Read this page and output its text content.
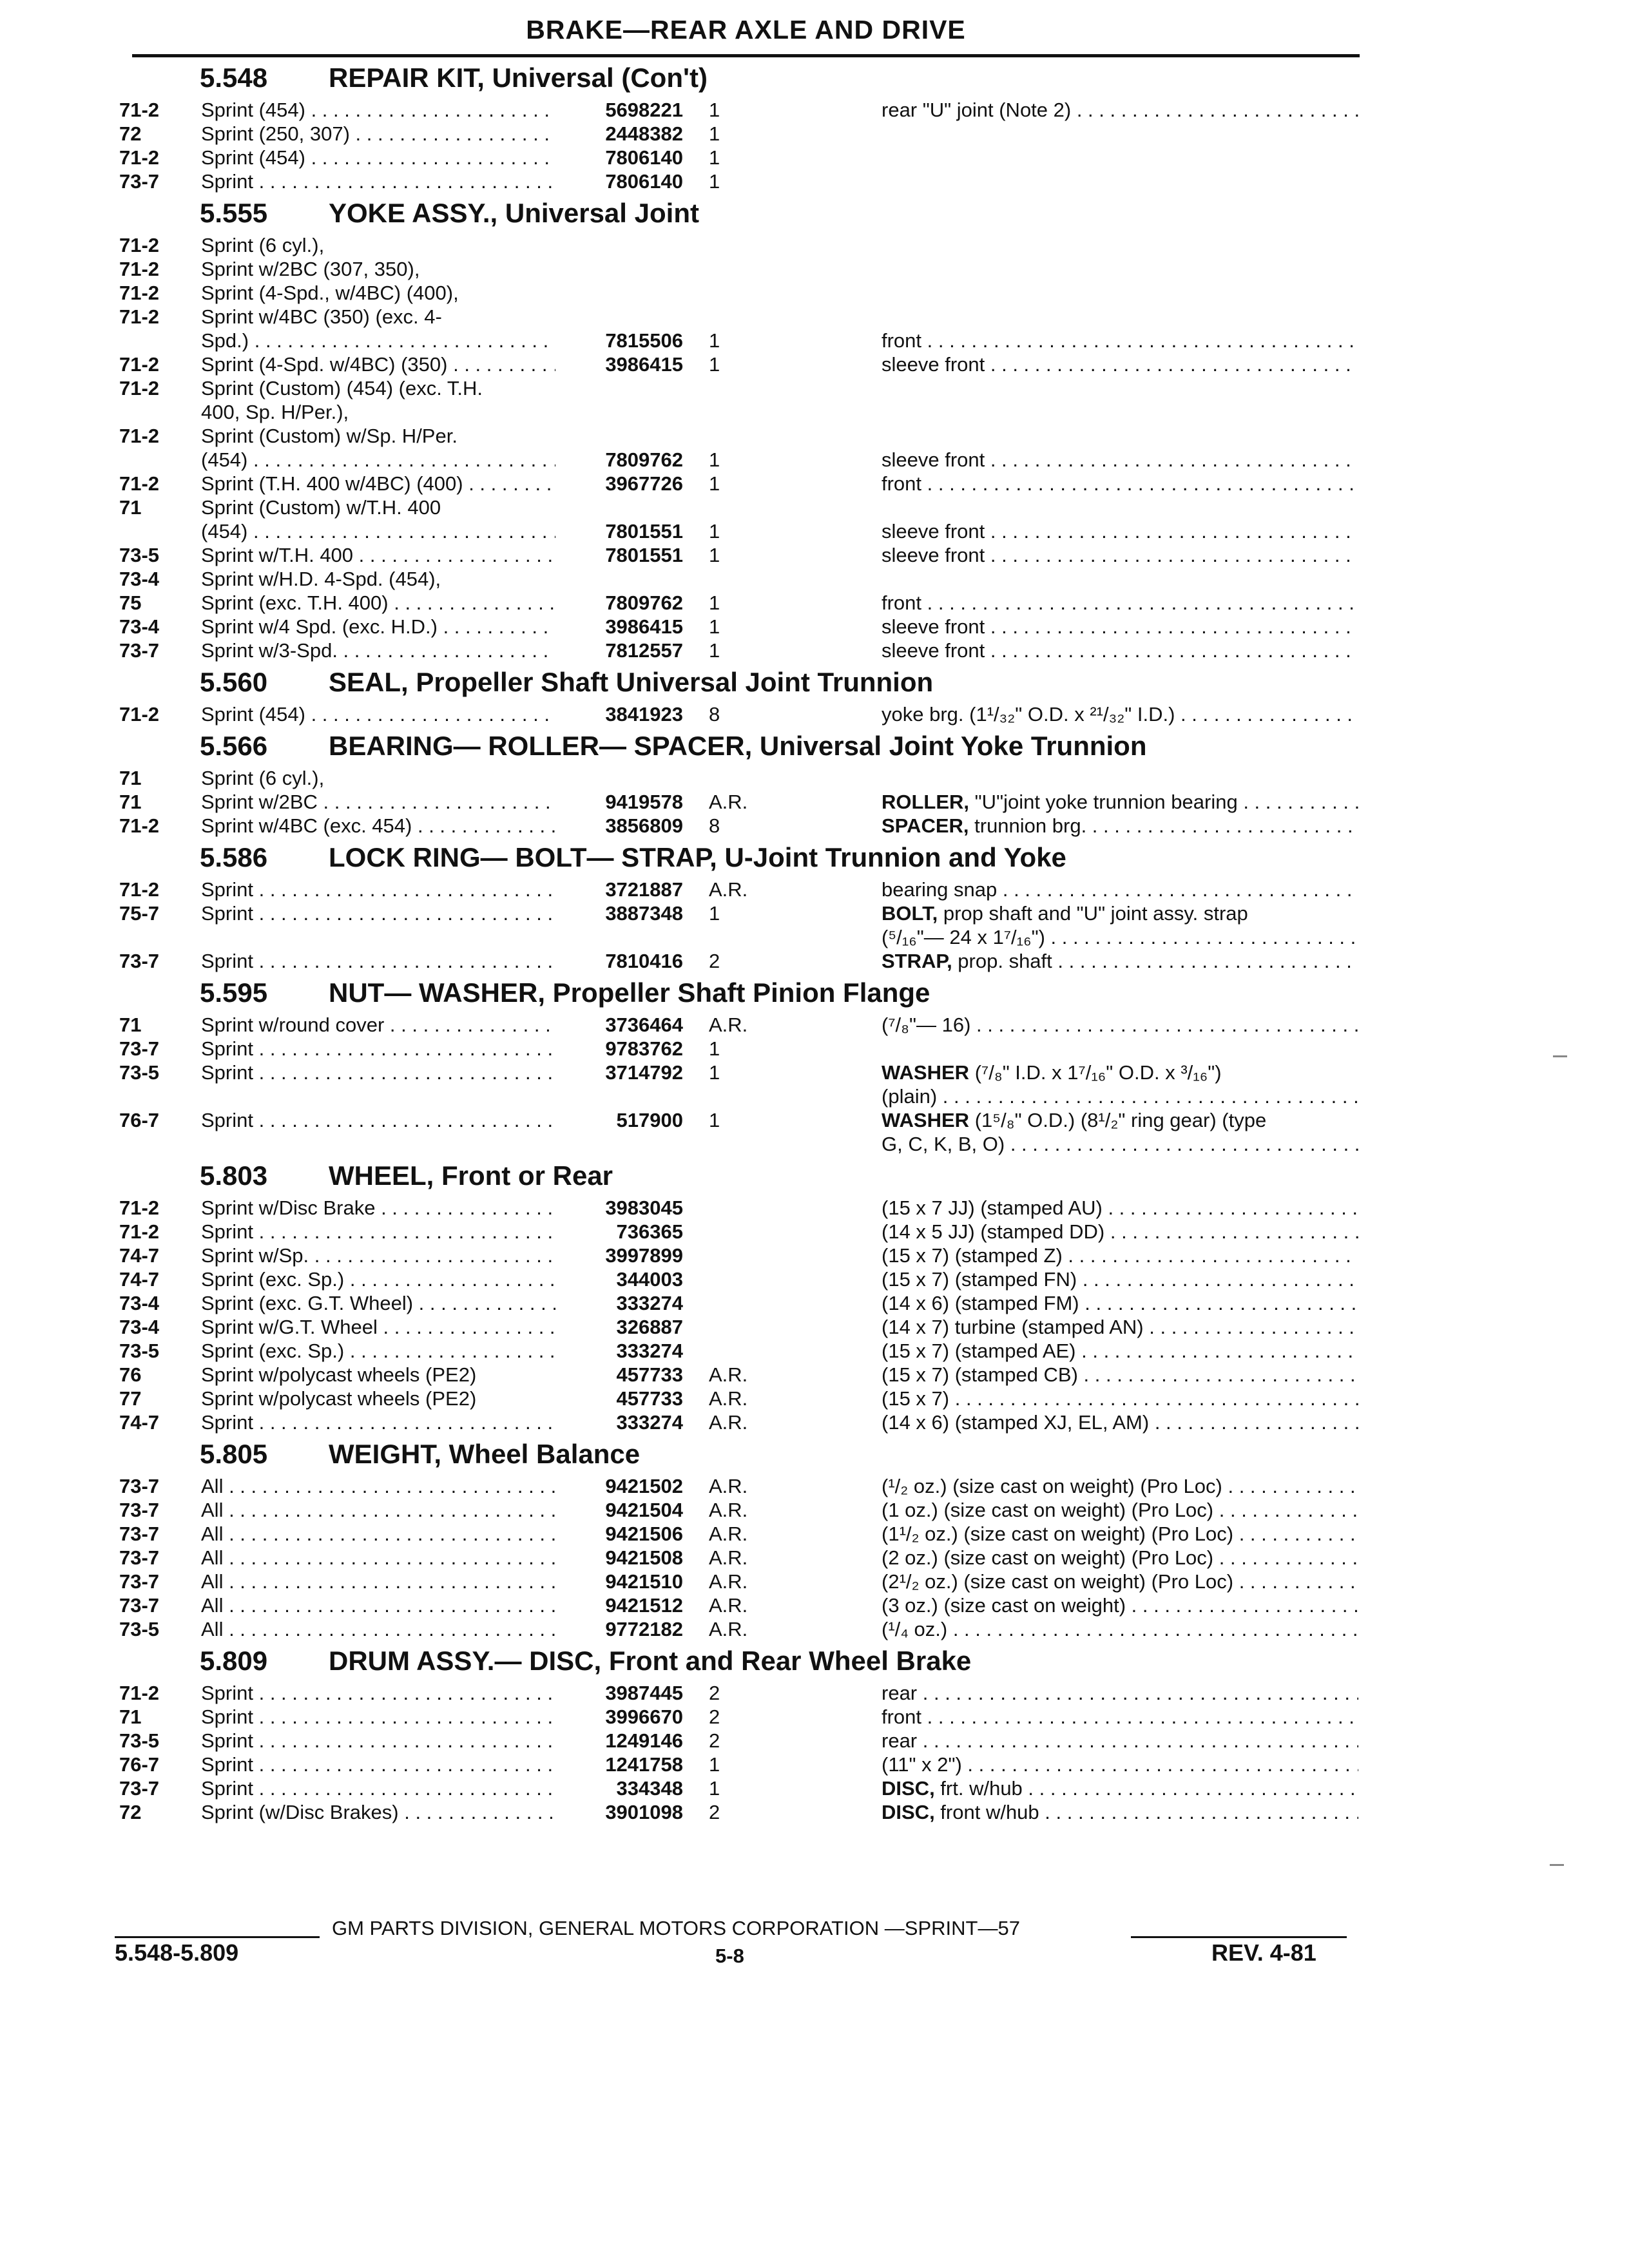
BRAKE—REAR AXLE AND DRIVE
5.548 REPAIR KIT, Universal (Con't)
71-2 Sprint (454) . . .	5698221 1	rear "U" joint (Note 2) . . .
72	Sprint (250, 307) . . .	2448382 1
71-2 Sprint (454) . . .	7806140 1
73-7 Sprint . . .	7806140 1
5.555 YOKE ASSY., Universal Joint
71-2 Sprint (6 cyl.),
71-2 Sprint w/2BC (307, 350),
71-2 Sprint (4-Spd., w/4BC) (400),
71-2 Sprint w/4BC (350) (exc. 4-
Spd.) . . .	7815506 1	front . . .
71-2 Sprint (4-Spd. w/4BC) (350) . . .	3986415 1	sleeve front . . .
71-2 Sprint (Custom) (454) (exc. T.H.
400, Sp. H/Per.),
71-2 Sprint (Custom) w/Sp. H/Per.
(454) . . .	7809762 1	sleeve front . . .
71-2 Sprint (T.H. 400 w/4BC) (400) . . .	3967726 1	front . . .
71	Sprint (Custom) w/T.H. 400
(454) . . .	7801551 1	sleeve front . . .
73-5 Sprint w/T.H. 400 . . .	7801551 1	sleeve front . . .
73-4 Sprint w/H.D. 4-Spd. (454),
75	Sprint (exc. T.H. 400) . . .	7809762 1	front . . .
73-4 Sprint w/4 Spd. (exc. H.D.) . . .	3986415 1	sleeve front . . .
73-7 Sprint w/3-Spd. . . .	7812557 1	sleeve front . . .
5.560 SEAL, Propeller Shaft Universal Joint Trunnion
71-2 Sprint (454) . . .	3841923 8	yoke brg. (1¹/₃₂" O.D. x ²¹/₃₂" I.D.) . . .
5.566 BEARING— ROLLER— SPACER, Universal Joint Yoke Trunnion
71	Sprint (6 cyl.),
71	Sprint w/2BC . . .	9419578 A.R.	ROLLER, "U"joint yoke trunnion bearing . . .
71-2 Sprint w/4BC (exc. 454) . . .	3856809 8	SPACER, trunnion brg. . . .
5.586 LOCK RING— BOLT— STRAP, U-Joint Trunnion and Yoke
71-2 Sprint . . .	3721887 A.R.	bearing snap . . .
75-7 Sprint . . .	3887348 1	BOLT, prop shaft and "U" joint assy. strap
(⁵/₁₆"— 24 x 1⁷/₁₆") . . .
73-7 Sprint . . .	7810416 2	STRAP, prop. shaft . . .
5.595 NUT— WASHER, Propeller Shaft Pinion Flange
71	Sprint w/round cover . . .	3736464 A.R.	(⁷/₈"— 16) . . .
73-7 Sprint . . .	9783762 1
73-5 Sprint . . .	3714792 1	WASHER (⁷/₈" I.D. x 1⁷/₁₆" O.D. x ³/₁₆")
(plain) . . .
76-7 Sprint . . .	517900 1	WASHER (1⁵/₈" O.D.) (8¹/₂" ring gear) (type
G, C, K, B, O) . . .
5.803 WHEEL, Front or Rear
71-2 Sprint w/Disc Brake . . .	3983045	(15 x 7 JJ) (stamped AU) . . .
71-2 Sprint . . .	736365	(14 x 5 JJ) (stamped DD) . . .
74-7 Sprint w/Sp. . . .	3997899	(15 x 7) (stamped Z) . . .
74-7 Sprint (exc. Sp.) . . .	344003	(15 x 7) (stamped FN) . . .
73-4 Sprint (exc. G.T. Wheel) . . .	333274	(14 x 6) (stamped FM) . . .
73-4 Sprint w/G.T. Wheel . . .	326887	(14 x 7) turbine (stamped AN) . . .
73-5 Sprint (exc. Sp.) . . .	333274	(15 x 7) (stamped AE) . . .
76	Sprint w/polycast wheels (PE2)	457733 A.R.	(15 x 7) (stamped CB) . . .
77	Sprint w/polycast wheels (PE2)	457733 A.R.	(15 x 7) . . .
74-7 Sprint . . .	333274 A.R.	(14 x 6) (stamped XJ, EL, AM) . . .
5.805 WEIGHT, Wheel Balance
73-7 All . . .	9421502 A.R.	(¹/₂ oz.) (size cast on weight) (Pro Loc) . . .
73-7 All . . .	9421504 A.R.	(1 oz.) (size cast on weight) (Pro Loc) . . .
73-7 All . . .	9421506 A.R.	(1¹/₂ oz.) (size cast on weight) (Pro Loc) . . .
73-7 All . . .	9421508 A.R.	(2 oz.) (size cast on weight) (Pro Loc) . . .
73-7 All . . .	9421510 A.R.	(2¹/₂ oz.) (size cast on weight) (Pro Loc) . . .
73-7 All . . .	9421512 A.R.	(3 oz.) (size cast on weight) . . .
73-5 All . . .	9772182 A.R.	(¹/₄ oz.) . . .
5.809 DRUM ASSY.— DISC, Front and Rear Wheel Brake
71-2 Sprint . . .	3987445 2	rear . . .
71	Sprint . . .	3996670 2	front . . .
73-5 Sprint . . .	1249146 2	rear . . .
76-7 Sprint . . .	1241758 1	(11" x 2") . . .
73-7 Sprint . . .	334348 1	DISC, frt. w/hub . . .
72	Sprint (w/Disc Brakes) . . .	3901098 2	DISC, front w/hub . . .
GM PARTS DIVISION, GENERAL MOTORS CORPORATION —SPRINT—57
5.548-5.809	5-8	REV. 4-81
